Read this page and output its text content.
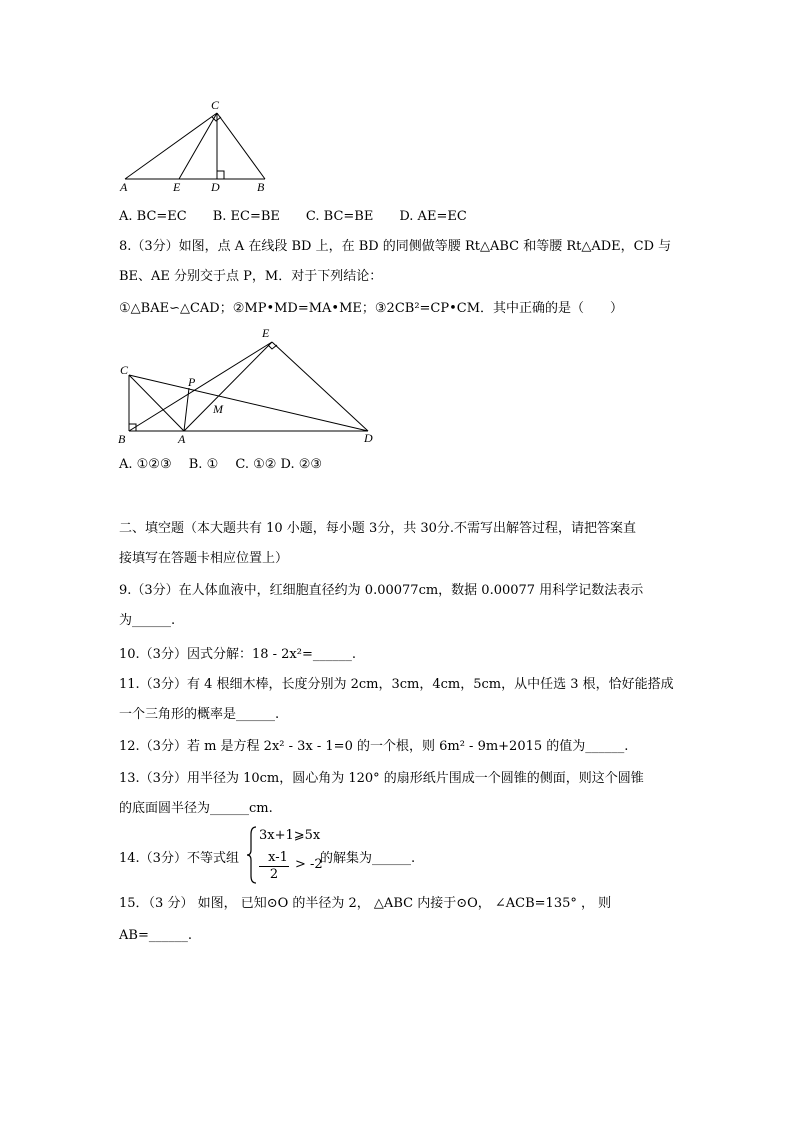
A	E	D	B
C
A. BC=EC　　B. EC=BE　　C. BC=BE　　D. AE=EC
8.（3分）如图，点 A 在线段 BD 上，在 BD 的同侧做等腰 Rt△ABC 和等腰 Rt△ADE，CD 与
BE、AE 分别交于点 P，M．对于下列结论：
①△BAE∽△CAD；②MP•MD=MA•ME；③2CB²=CP•CM．其中正确的是（　　）
C
B	A	D
E
P
M
A. ①②③　 B. ①　 C. ①② D. ②③
二、填空题（本大题共有 10 小题，每小题 3分，共 30分.不需写出解答过程，请把答案直
接填写在答题卡相应位置上）
9.（3分）在人体血液中，红细胞直径约为 0.00077cm，数据 0.00077 用科学记数法表示
为______.
10.（3分）因式分解：18 - 2x²=______.
11.（3分）有 4 根细木棒，长度分别为 2cm，3cm，4cm，5cm，从中任选 3 根，恰好能搭成
一个三角形的概率是______.
12.（3分）若 m 是方程 2x² - 3x - 1=0 的一个根，则 6m² - 9m+2015 的值为______.
13.（3分）用半径为 10cm，圆心角为 120° 的扇形纸片围成一个圆锥的侧面，则这个圆锥
的底面圆半径为______cm.
14.（3分）不等式组
3x+1⩾5x
x-1
2
> -2
的解集为______.
15．（3 分） 如图， 已知⊙O 的半径为 2， △ABC 内接于⊙O， ∠ACB=135° ， 则
AB=______.
